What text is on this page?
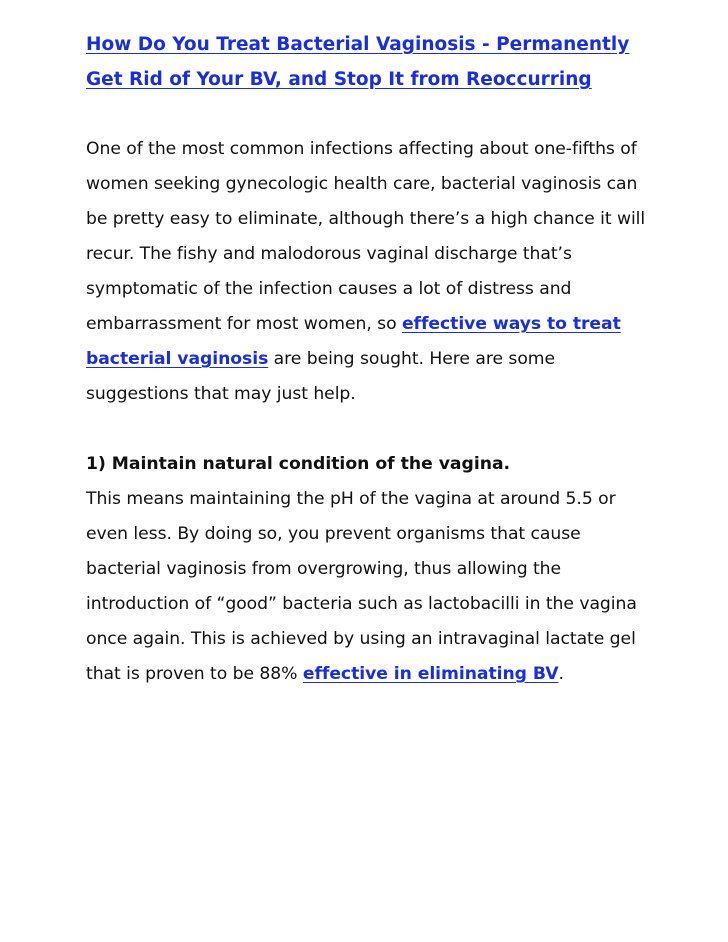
How Do You Treat Bacterial Vaginosis - Permanently Get Rid of Your BV, and Stop It from Reoccurring

One of the most common infections affecting about one-fifths of women seeking gynecologic health care, bacterial vaginosis can be pretty easy to eliminate, although there’s a high chance it will recur. The fishy and malodorous vaginal discharge that’s symptomatic of the infection causes a lot of distress and embarrassment for most women, so effective ways to treat bacterial vaginosis are being sought. Here are some suggestions that may just help.

1) Maintain natural condition of the vagina.

This means maintaining the pH of the vagina at around 5.5 or even less. By doing so, you prevent organisms that cause bacterial vaginosis from overgrowing, thus allowing the introduction of “good” bacteria such as lactobacilli in the vagina once again. This is achieved by using an intravaginal lactate gel that is proven to be 88% effective in eliminating BV.
